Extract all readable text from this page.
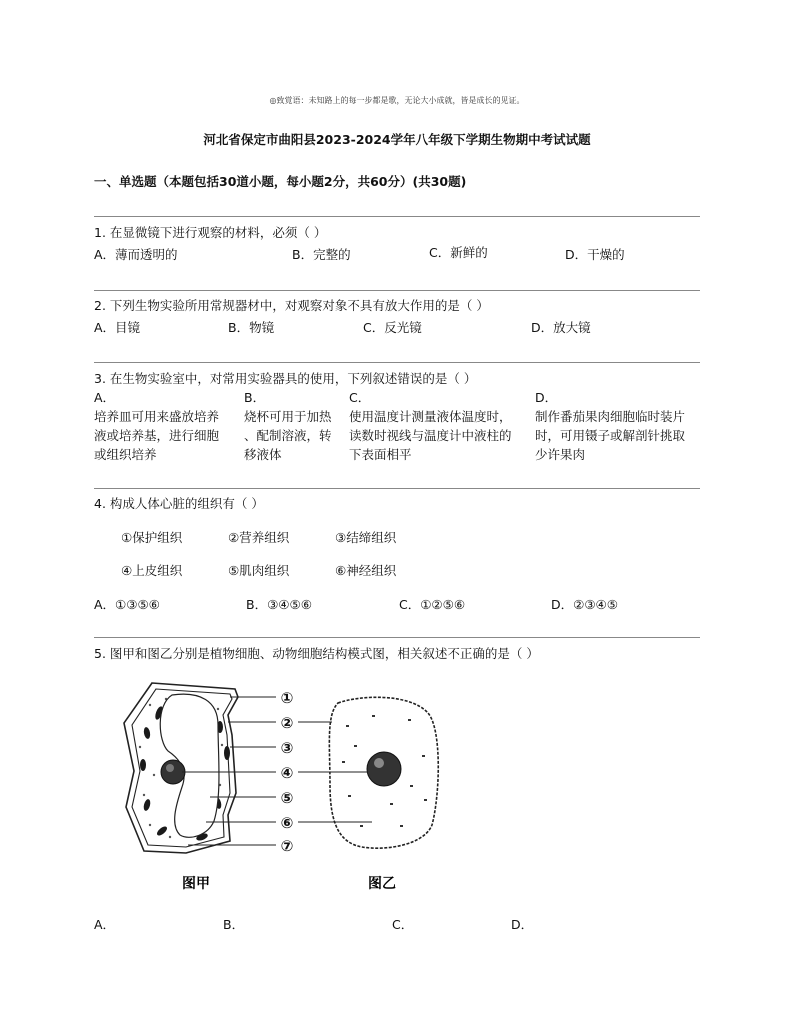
◎致覚语：未知路上的每一步都是歌，无论大小成就，皆是成长的见证。
河北省保定市曲阳县2023-2024学年八年级下学期生物期中考试试题
一、单选题（本题包括30道小题，每小题2分，共60分）(共30题)
1. 在显微镜下进行观察的材料，必须（ ）
A．薄而透明的	B．完整的	C．新鲜的	D．干燥的
2. 下列生物实验所用常规器材中，对观察对象不具有放大作用的是（ ）
A．目镜	B．物镜	C．反光镜	D．放大镜
3. 在生物实验室中，对常用实验器具的使用，下列叙述错误的是（ ）
A．
培养皿可用来盛放培养
液或培养基，进行细胞
或组织培养
B．
烧杯可用于加热
、配制溶液，转
移液体
C．
使用温度计测量液体温度时，
读数时视线与温度计中液柱的
下表面相平
D．
制作番茄果肉细胞临时装片
时，可用镊子或解剖针挑取
少许果肉
4. 构成人体心脏的组织有（ ）
①保护组织	②营养组织	③结缔组织
④上皮组织	⑤肌肉组织	⑥神经组织
A．①③⑤⑥	B．③④⑤⑥	C．①②⑤⑥	D．②③④⑤
5. 图甲和图乙分别是植物细胞、动物细胞结构模式图，相关叙述不正确的是（ ）
①
②
③
④
⑤
⑥
⑦
图甲	图乙
A．	B．	C．	D．
